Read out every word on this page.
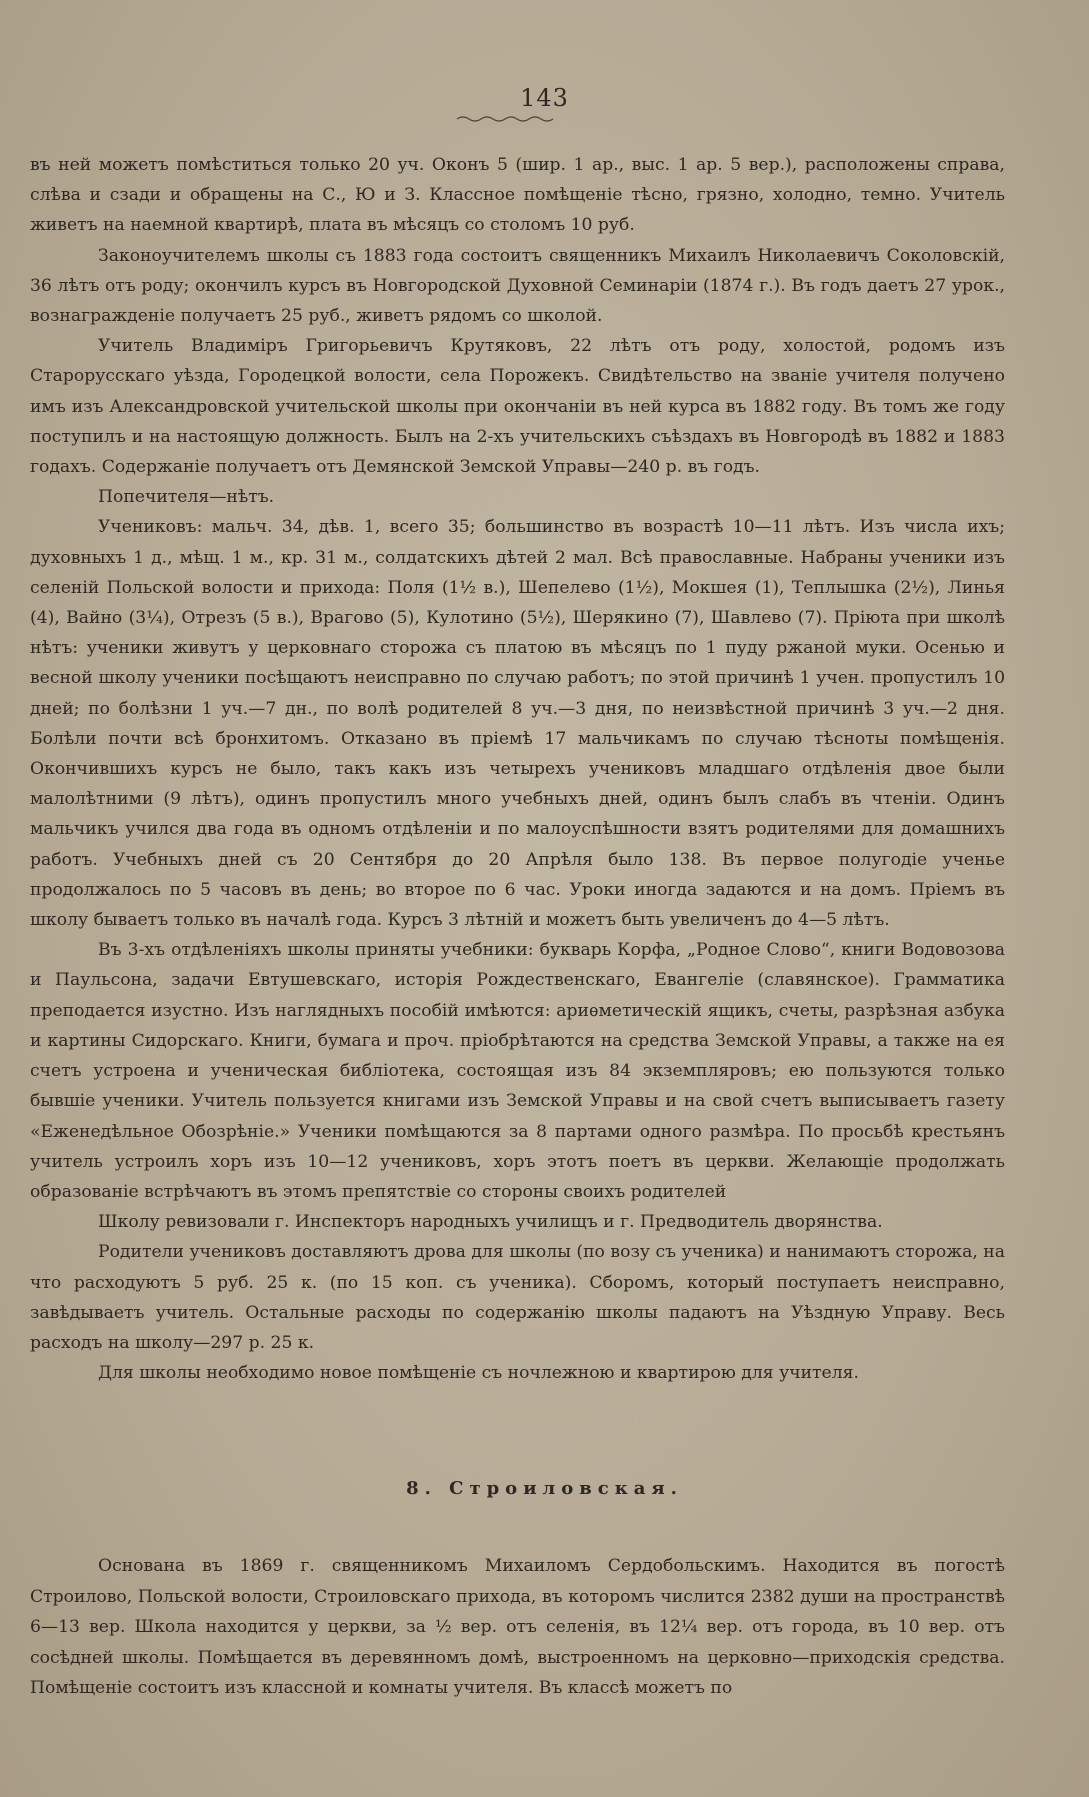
143

въ ней можетъ помѣститься только 20 уч. Оконъ 5 (шир. 1 ар., выс. 1 ар. 5 вер.), расположены справа, слѣва и сзади и обращены на С., Ю и З. Классное помѣщеніе тѣсно, грязно, холодно, темно. Учитель живетъ на наемной квартирѣ, плата въ мѣсяцъ со столомъ 10 руб.

Законоучителемъ школы съ 1883 года состоитъ священникъ Михаилъ Николаевичъ Соколовскій, 36 лѣтъ отъ роду; окончилъ курсъ въ Новгородской Духовной Семинаріи (1874 г.). Въ годъ даетъ 27 урок., вознагражденіе получаетъ 25 руб., живетъ рядомъ со школой.

Учитель Владиміръ Григорьевичъ Крутяковъ, 22 лѣтъ отъ роду, холостой, родомъ изъ Старорусскаго уѣзда, Городецкой волости, села Порожекъ. Свидѣтельство на званіе учителя получено имъ изъ Александровской учительской школы при окончаніи въ ней курса въ 1882 году. Въ томъ же году поступилъ и на настоящую должность. Былъ на 2-хъ учительскихъ съѣздахъ въ Новгородѣ въ 1882 и 1883 годахъ. Содержаніе получаетъ отъ Демянской Земской Управы—240 р. въ годъ.

Попечителя—нѣтъ.

Учениковъ: мальч. 34, дѣв. 1, всего 35; большинство въ возрастѣ 10—11 лѣтъ. Изъ числа ихъ; духовныхъ 1 д., мѣщ. 1 м., кр. 31 м., солдатскихъ дѣтей 2 мал. Всѣ православные. Набраны ученики изъ селеній Польской волости и прихода: Поля (1½ в.), Шепелево (1½), Мокшея (1), Теплышка (2½), Линья (4), Вайно (3¼), Отрезъ (5 в.), Врагово (5), Кулотино (5½), Шерякино (7), Шавлево (7). Пріюта при школѣ нѣтъ: ученики живутъ у церковнаго сторожа съ платою въ мѣсяцъ по 1 пуду ржаной муки. Осенью и весной школу ученики посѣщаютъ неисправно по случаю работъ; по этой причинѣ 1 учен. пропустилъ 10 дней; по болѣзни 1 уч.—7 дн., по волѣ родителей 8 уч.—3 дня, по неизвѣстной причинѣ 3 уч.—2 дня. Болѣли почти всѣ бронхитомъ. Отказано въ пріемѣ 17 мальчикамъ по случаю тѣсноты помѣщенія. Окончившихъ курсъ не было, такъ какъ изъ четырехъ учениковъ младшаго отдѣленія двое были малолѣтними (9 лѣтъ), одинъ пропустилъ много учебныхъ дней, одинъ былъ слабъ въ чтеніи. Одинъ мальчикъ учился два года въ одномъ отдѣленіи и по малоуспѣшности взятъ родителями для домашнихъ работъ. Учебныхъ дней съ 20 Сентября до 20 Апрѣля было 138. Въ первое полугодіе ученье продолжалось по 5 часовъ въ день; во второе по 6 час. Уроки иногда задаются и на домъ. Пріемъ въ школу бываетъ только въ началѣ года. Курсъ 3 лѣтній и можетъ быть увеличенъ до 4—5 лѣтъ.

Въ 3-хъ отдѣленіяхъ школы приняты учебники: букварь Корфа, „Родное Слово“, книги Водовозова и Паульсона, задачи Евтушевскаго, исторія Рождественскаго, Евангеліе (славянское). Грамматика преподается изустно. Изъ наглядныхъ пособій имѣются: ариѳметическій ящикъ, счеты, разрѣзная азбука и картины Сидорскаго. Книги, бумага и проч. пріобрѣтаются на средства Земской Управы, а также на ея счетъ устроена и ученическая библіотека, состоящая изъ 84 экземпляровъ; ею пользуются только бывшіе ученики. Учитель пользуется книгами изъ Земской Управы и на свой счетъ выписываетъ газету «Еженедѣльное Обозрѣніе.» Ученики помѣщаются за 8 партами одного размѣра. По просьбѣ крестьянъ учитель устроилъ хоръ изъ 10—12 учениковъ, хоръ этотъ поетъ въ церкви. Желающіе продолжать образованіе встрѣчаютъ въ этомъ препятствіе со стороны своихъ родителей

Школу ревизовали г. Инспекторъ народныхъ училищъ и г. Предводитель дворянства.

Родители учениковъ доставляютъ дрова для школы (по возу съ ученика) и нанимаютъ сторожа, на что расходуютъ 5 руб. 25 к. (по 15 коп. съ ученика). Сборомъ, который поступаетъ неисправно, завѣдываетъ учитель. Остальные расходы по содержанію школы падаютъ на Уѣздную Управу. Весь расходъ на школу—297 р. 25 к.

Для школы необходимо новое помѣщеніе съ ночлежною и квартирою для учителя.

8. Строиловская.

Основана въ 1869 г. священникомъ Михаиломъ Сердобольскимъ. Находится въ погостѣ Строилово, Польской волости, Строиловскаго прихода, въ которомъ числится 2382 души на пространствѣ 6—13 вер. Школа находится у церкви, за ½ вер. отъ селенія, въ 12¼ вер. отъ города, въ 10 вер. отъ сосѣдней школы. Помѣщается въ деревянномъ домѣ, выстроенномъ на церковно—приходскія средства. Помѣщеніе состоитъ изъ классной и комнаты учителя. Въ классѣ можетъ по
